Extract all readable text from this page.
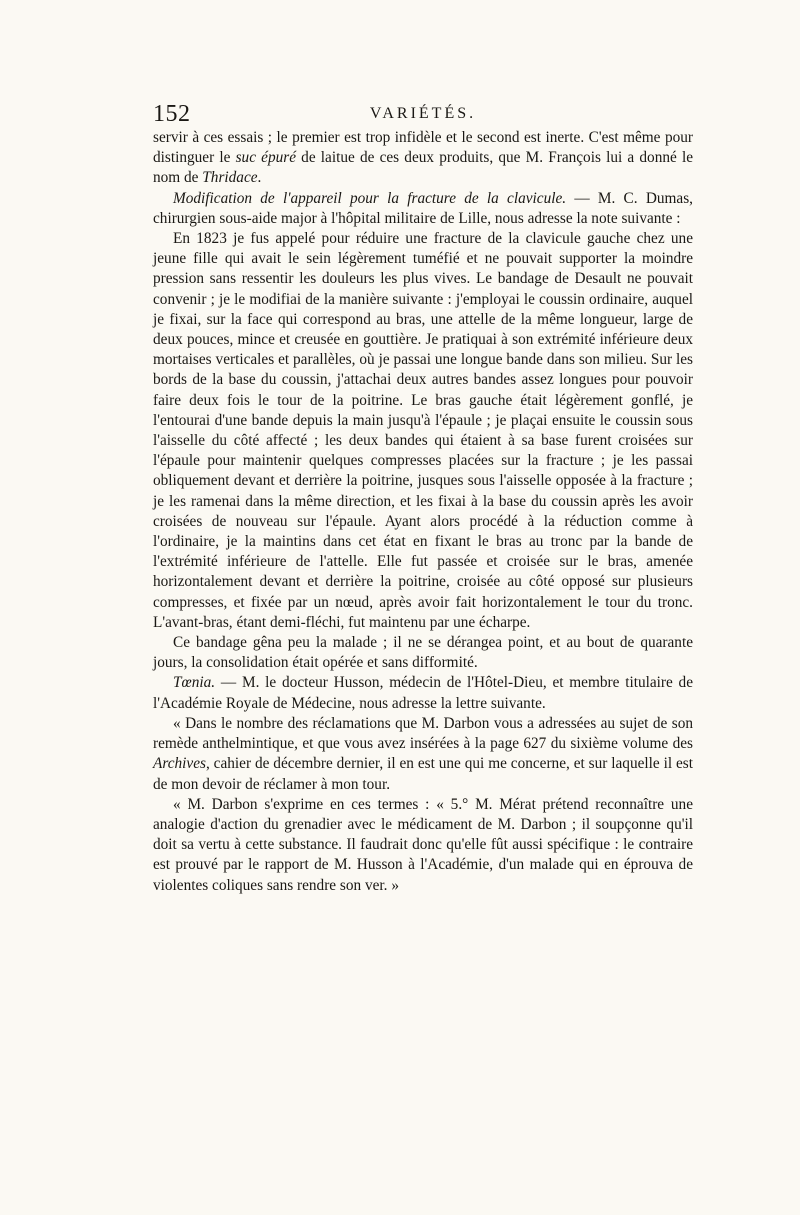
152	VARIÉTÉS.

servir à ces essais ; le premier est trop infidèle et le second est inerte. C'est même pour distinguer le suc épuré de laitue de ces deux produits, que M. François lui a donné le nom de Thridace.

Modification de l'appareil pour la fracture de la clavicule. — M. C. Dumas, chirurgien sous-aide major à l'hôpital militaire de Lille, nous adresse la note suivante :

En 1823 je fus appelé pour réduire une fracture de la clavicule gauche chez une jeune fille qui avait le sein légèrement tuméfié et ne pouvait supporter la moindre pression sans ressentir les douleurs les plus vives. Le bandage de Desault ne pouvait convenir ; je le modifiai de la manière suivante : j'employai le coussin ordinaire, auquel je fixai, sur la face qui correspond au bras, une attelle de la même longueur, large de deux pouces, mince et creusée en gouttière. Je pratiquai à son extrémité inférieure deux mortaises verticales et parallèles, où je passai une longue bande dans son milieu. Sur les bords de la base du coussin, j'attachai deux autres bandes assez longues pour pouvoir faire deux fois le tour de la poitrine. Le bras gauche était légèrement gonflé, je l'entourai d'une bande depuis la main jusqu'à l'épaule ; je plaçai ensuite le coussin sous l'aisselle du côté affecté ; les deux bandes qui étaient à sa base furent croisées sur l'épaule pour maintenir quelques compresses placées sur la fracture ; je les passai obliquement devant et derrière la poitrine, jusques sous l'aisselle opposée à la fracture ; je les ramenai dans la même direction, et les fixai à la base du coussin après les avoir croisées de nouveau sur l'épaule. Ayant alors procédé à la réduction comme à l'ordinaire, je la maintins dans cet état en fixant le bras au tronc par la bande de l'extrémité inférieure de l'attelle. Elle fut passée et croisée sur le bras, amenée horizontalement devant et derrière la poitrine, croisée au côté opposé sur plusieurs compresses, et fixée par un nœud, après avoir fait horizontalement le tour du tronc. L'avant-bras, étant demi-fléchi, fut maintenu par une écharpe.

Ce bandage gêna peu la malade ; il ne se dérangea point, et au bout de quarante jours, la consolidation était opérée et sans difformité.

Tœnia. — M. le docteur Husson, médecin de l'Hôtel-Dieu, et membre titulaire de l'Académie Royale de Médecine, nous adresse la lettre suivante.

« Dans le nombre des réclamations que M. Darbon vous a adressées au sujet de son remède anthelmintique, et que vous avez insérées à la page 627 du sixième volume des Archives, cahier de décembre dernier, il en est une qui me concerne, et sur laquelle il est de mon devoir de réclamer à mon tour.

« M. Darbon s'exprime en ces termes : « 5.° M. Mérat prétend reconnaître une analogie d'action du grenadier avec le médicament de M. Darbon ; il soupçonne qu'il doit sa vertu à cette substance. Il faudrait donc qu'elle fût aussi spécifique : le contraire est prouvé par le rapport de M. Husson à l'Académie, d'un malade qui en éprouva de violentes coliques sans rendre son ver. »
